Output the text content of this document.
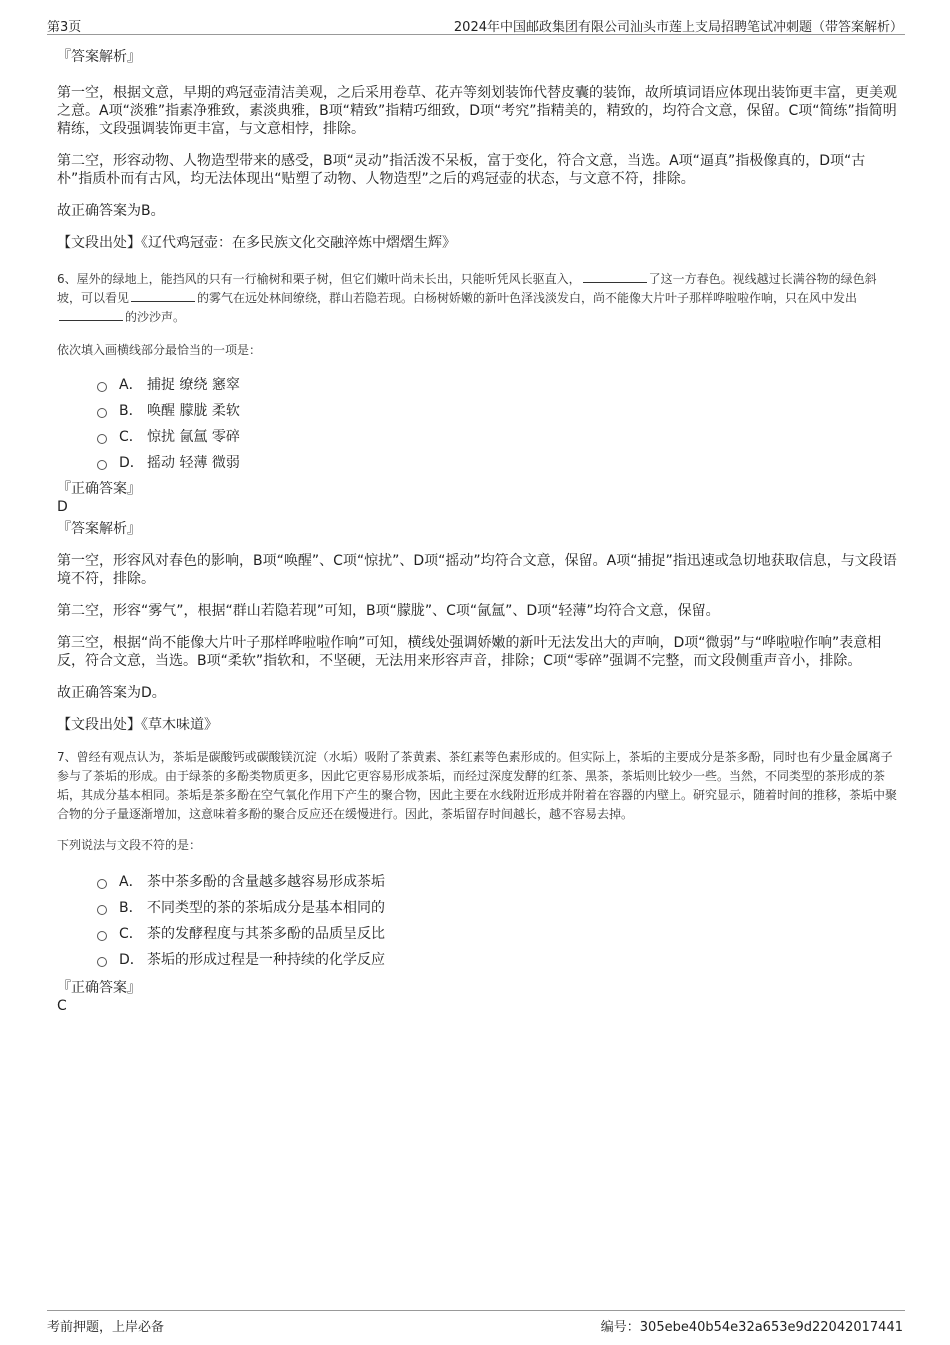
第3页	2024年中国邮政集团有限公司汕头市莲上支局招聘笔试冲刺题（带答案解析）

『答案解析』

第一空，根据文意，早期的鸡冠壶清洁美观，之后采用卷草、花卉等刻划装饰代替皮囊的装饰，故所填词语应体现出装饰更丰富，更美观之意。A项“淡雅”指素净雅致，素淡典雅，B项“精致”指精巧细致，D项“考究”指精美的，精致的，均符合文意，保留。C项“简练”指简明精练，文段强调装饰更丰富，与文意相悖，排除。

第二空，形容动物、人物造型带来的感受，B项“灵动”指活泼不呆板，富于变化，符合文意，当选。A项“逼真”指极像真的，D项“古朴”指质朴而有古风，均无法体现出“贴塑了动物、人物造型”之后的鸡冠壶的状态，与文意不符，排除。

故正确答案为B。

【文段出处】《辽代鸡冠壶：在多民族文化交融淬炼中熠熠生辉》

6、屋外的绿地上，能挡风的只有一行榆树和栗子树，但它们嫩叶尚未长出，只能听凭风长驱直入，	了这一方春色。视线越过长满谷物的绿色斜坡，可以看见	的雾气在远处林间缭绕，群山若隐若现。白杨树娇嫩的新叶色泽浅淡发白，尚不能像大片叶子那样哗啦啦作响，只在风中发出的沙沙声。

依次填入画横线部分最恰当的一项是：

A． 捕捉 缭绕 窸窣
B． 唤醒 朦胧 柔软
C． 惊扰 氤氲 零碎
D． 摇动 轻薄 微弱

『正确答案』

D

『答案解析』

第一空，形容风对春色的影响，B项“唤醒”、C项“惊扰”、D项“摇动”均符合文意，保留。A项“捕捉”指迅速或急切地获取信息，与文段语境不符，排除。

第二空，形容“雾气”，根据“群山若隐若现”可知，B项“朦胧”、C项“氤氲”、D项“轻薄”均符合文意，保留。

第三空，根据“尚不能像大片叶子那样哗啦啦作响”可知，横线处强调娇嫩的新叶无法发出大的声响，D项“微弱”与“哗啦啦作响”表意相反，符合文意，当选。B项“柔软”指软和，不坚硬，无法用来形容声音，排除；C项“零碎”强调不完整，而文段侧重声音小，排除。

故正确答案为D。

【文段出处】《草木味道》

7、曾经有观点认为，茶垢是碳酸钙或碳酸镁沉淀（水垢）吸附了茶黄素、茶红素等色素形成的。但实际上，茶垢的主要成分是茶多酚，同时也有少量金属离子参与了茶垢的形成。由于绿茶的多酚类物质更多，因此它更容易形成茶垢，而经过深度发酵的红茶、黑茶，茶垢则比较少一些。当然，不同类型的茶形成的茶垢，其成分基本相同。茶垢是茶多酚在空气氧化作用下产生的聚合物，因此主要在水线附近形成并附着在容器的内壁上。研究显示，随着时间的推移，茶垢中聚合物的分子量逐渐增加，这意味着多酚的聚合反应还在缓慢进行。因此，茶垢留存时间越长，越不容易去掉。

下列说法与文段不符的是：

A． 茶中茶多酚的含量越多越容易形成茶垢
B． 不同类型的茶的茶垢成分是基本相同的
C． 茶的发酵程度与其茶多酚的品质呈反比
D． 茶垢的形成过程是一种持续的化学反应

『正确答案』

C

考前押题，上岸必备	编号：305ebe40b54e32a653e9d22042017441
